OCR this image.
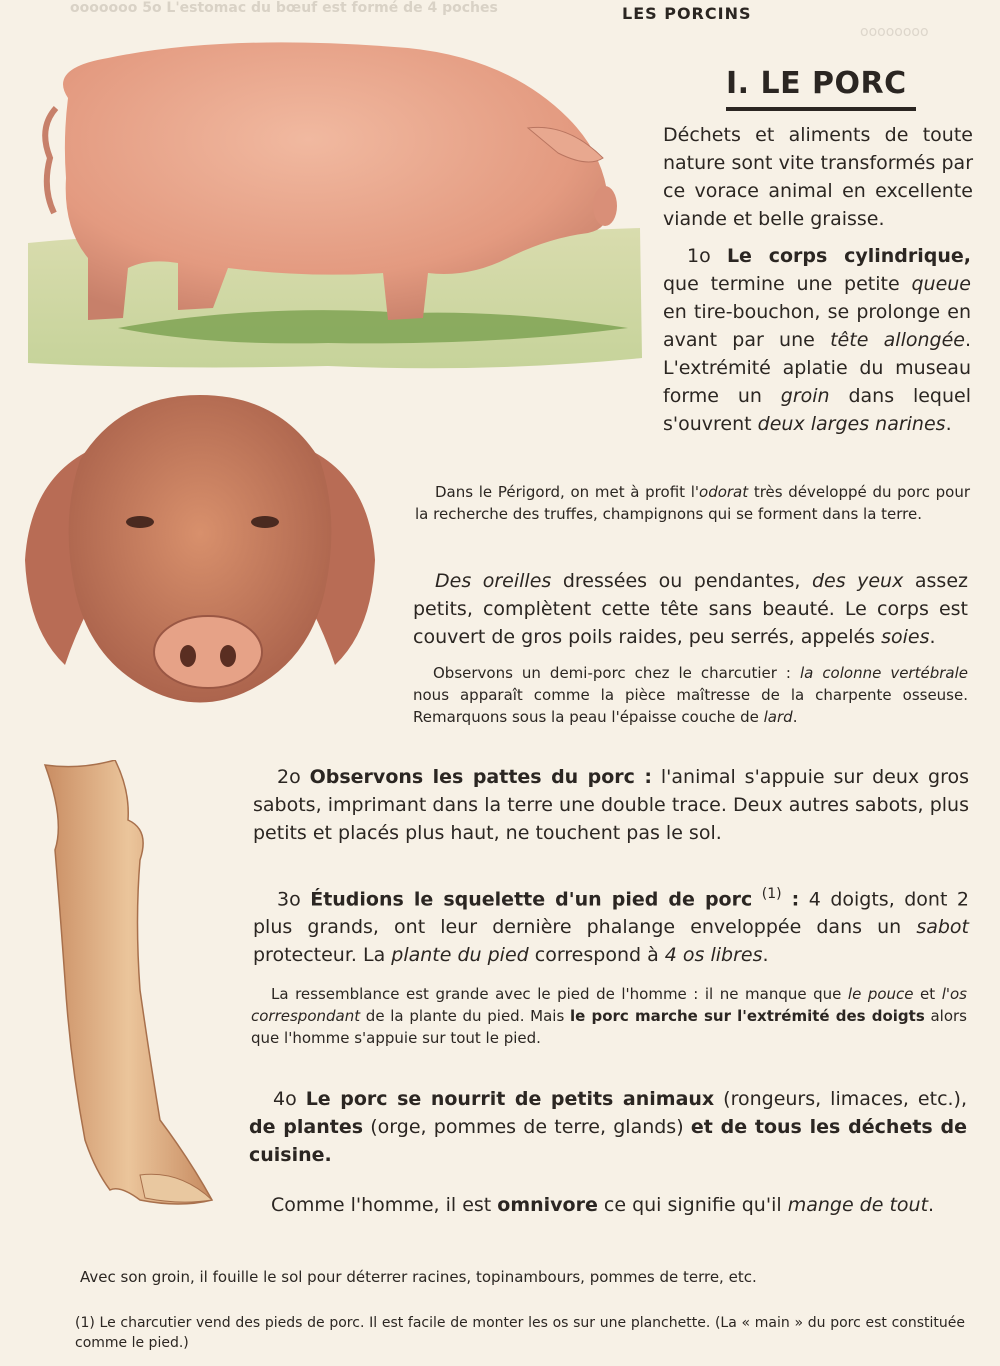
ooooooo 5o L'estomac du bœuf est formé de 4 poches
oooooooo
LES PORCINS
I. LE PORC

Déchets et aliments de toute nature sont vite transformés par ce vorace animal en excellente viande et belle graisse.

1o Le corps cylindrique, que termine une petite queue en tire-bouchon, se prolonge en avant par une tête allongée. L'extrémité aplatie du museau forme un groin dans lequel s'ouvrent deux larges narines.

Dans le Périgord, on met à profit l'odorat très développé du porc pour la recherche des truffes, champignons qui se forment dans la terre.

Des oreilles dressées ou pendantes, des yeux assez petits, complètent cette tête sans beauté. Le corps est couvert de gros poils raides, peu serrés, appelés soies.

Observons un demi-porc chez le charcutier : la colonne vertébrale nous apparaît comme la pièce maîtresse de la charpente osseuse. Remarquons sous la peau l'épaisse couche de lard.

2o Observons les pattes du porc : l'animal s'appuie sur deux gros sabots, imprimant dans la terre une double trace. Deux autres sabots, plus petits et placés plus haut, ne touchent pas le sol.

3o Étudions le squelette d'un pied de porc $^{(1)}$ : 4 doigts, dont 2 plus grands, ont leur dernière phalange enveloppée dans un sabot protecteur. La plante du pied correspond à 4 os libres.

La ressemblance est grande avec le pied de l'homme : il ne manque que le pouce et l'os correspondant de la plante du pied. Mais le porc marche sur l'extrémité des doigts alors que l'homme s'appuie sur tout le pied.

4o Le porc se nourrit de petits animaux (rongeurs, limaces, etc.), de plantes (orge, pommes de terre, glands) et de tous les déchets de cuisine.

Comme l'homme, il est omnivore ce qui signifie qu'il mange de tout.

Avec son groin, il fouille le sol pour déterrer racines, topinambours, pommes de terre, etc.

(1) Le charcutier vend des pieds de porc. Il est facile de monter les os sur une planchette. (La « main » du porc est constituée comme le pied.)
